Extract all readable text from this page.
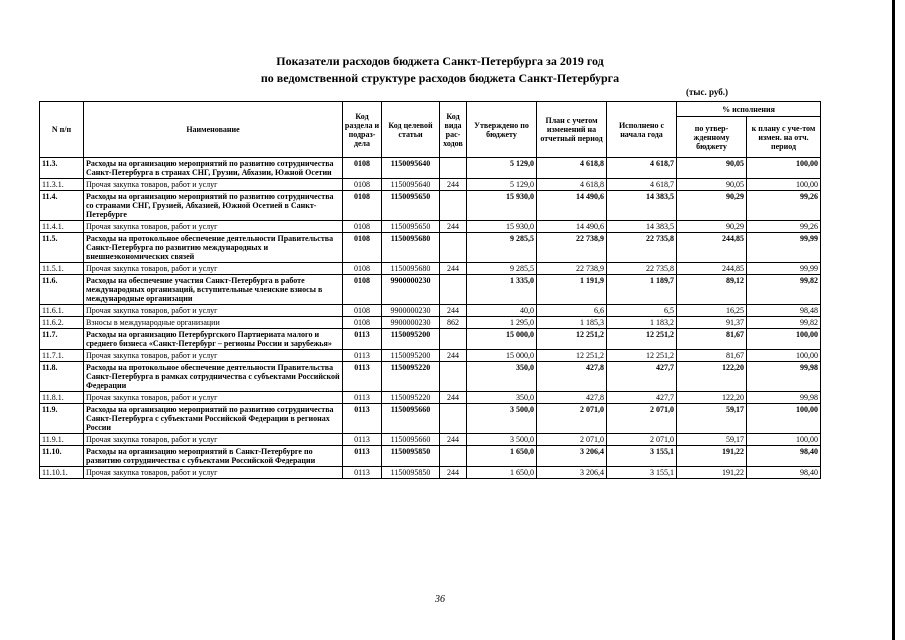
Показатели расходов бюджета Санкт-Петербурга за 2019 год
по ведомственной структуре расходов бюджета Санкт-Петербурга
(тыс. руб.)
N п/п	Наименование	Код раздела и подраз-дела	Код целевой статьи	Код вида рас-ходов	Утверждено по бюджету	План с учетом изменений на отчетный период	Исполнено с начала года	% исполнения	
								по утвер-жденному бюджету	к плану с уче-том измен. на отч. период
11.3.	Расходы на организацию мероприятий по развитию сотрудничества Санкт-Петербурга в странах СНГ, Грузии, Абхазии, Южной Осетии	0108	1150095640		5 129,0	4 618,8	4 618,7	90,05	100,00
11.3.1.	Прочая закупка товаров, работ и услуг	0108	1150095640	244	5 129,0	4 618,8	4 618,7	90,05	100,00
11.4.	Расходы на организацию мероприятий по развитию сотрудничества со странами СНГ, Грузией, Абхазией, Южной Осетией в Санкт-Петербурге	0108	1150095650		15 930,0	14 490,6	14 383,5	90,29	99,26
11.4.1.	Прочая закупка товаров, работ и услуг	0108	1150095650	244	15 930,0	14 490,6	14 383,5	90,29	99,26
11.5.	Расходы на протокольное обеспечение деятельности Правительства Санкт-Петербурга по развитию международных и внешнеэкономических связей	0108	1150095680		9 285,5	22 738,9	22 735,8	244,85	99,99
11.5.1.	Прочая закупка товаров, работ и услуг	0108	1150095680	244	9 285,5	22 738,9	22 735,8	244,85	99,99
11.6.	Расходы на обеспечение участия Санкт-Петербурга в работе международных организаций, вступительные членские взносы в международные организации	0108	9900000230		1 335,0	1 191,9	1 189,7	89,12	99,82
11.6.1.	Прочая закупка товаров, работ и услуг	0108	9900000230	244	40,0	6,6	6,5	16,25	98,48
11.6.2.	Взносы в международные организации	0108	9900000230	862	1 295,0	1 185,3	1 183,2	91,37	99,82
11.7.	Расходы на организацию Петербургского Партнериата малого и среднего бизнеса «Санкт-Петербург – регионы России и зарубежья»	0113	1150095200		15 000,0	12 251,2	12 251,2	81,67	100,00
11.7.1.	Прочая закупка товаров, работ и услуг	0113	1150095200	244	15 000,0	12 251,2	12 251,2	81,67	100,00
11.8.	Расходы на протокольное обеспечение деятельности Правительства Санкт-Петербурга в рамках сотрудничества с субъектами Российской Федерации	0113	1150095220		350,0	427,8	427,7	122,20	99,98
11.8.1.	Прочая закупка товаров, работ и услуг	0113	1150095220	244	350,0	427,8	427,7	122,20	99,98
11.9.	Расходы на организацию мероприятий по развитию сотрудничества Санкт-Петербурга с субъектами Российской Федерации в регионах России	0113	1150095660		3 500,0	2 071,0	2 071,0	59,17	100,00
11.9.1.	Прочая закупка товаров, работ и услуг	0113	1150095660	244	3 500,0	2 071,0	2 071,0	59,17	100,00
11.10.	Расходы на организацию мероприятий в Санкт-Петербурге по развитию сотрудничества с субъектами Российской Федерации	0113	1150095850		1 650,0	3 206,4	3 155,1	191,22	98,40
11.10.1.	Прочая закупка товаров, работ и услуг	0113	1150095850	244	1 650,0	3 206,4	3 155,1	191,22	98,40
36
